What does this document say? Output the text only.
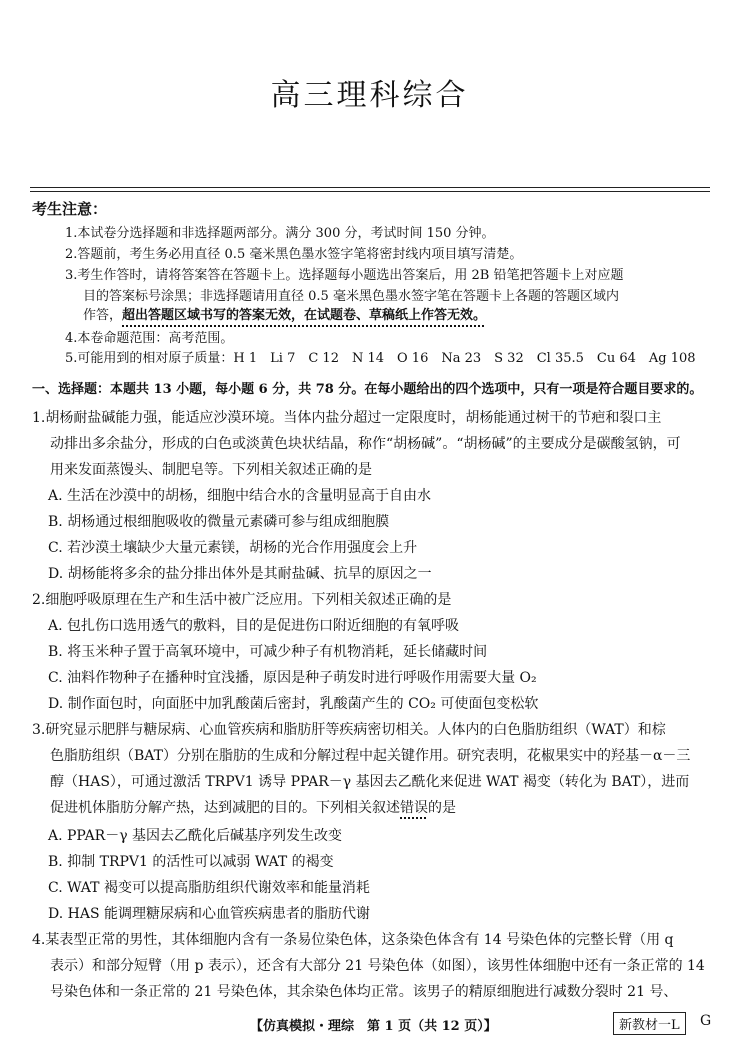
高三理科综合
考生注意：
1.本试卷分选择题和非选择题两部分。满分 300 分，考试时间 150 分钟。
2.答题前，考生务必用直径 0.5 毫米黑色墨水签字笔将密封线内项目填写清楚。
3.考生作答时，请将答案答在答题卡上。选择题每小题选出答案后，用 2B 铅笔把答题卡上对应题
目的答案标号涂黑；非选择题请用直径 0.5 毫米黑色墨水签字笔在答题卡上各题的答题区域内
作答，超出答题区域书写的答案无效，在试题卷、草稿纸上作答无效。
4.本卷命题范围：高考范围。
5.可能用到的相对原子质量：H 1　Li 7　C 12　N 14　O 16　Na 23　S 32　Cl 35.5　Cu 64　Ag 108
一、选择题：本题共 13 小题，每小题 6 分，共 78 分。在每小题给出的四个选项中，只有一项是符合题目要求的。
1.胡杨耐盐碱能力强，能适应沙漠环境。当体内盐分超过一定限度时，胡杨能通过树干的节疤和裂口主
动排出多余盐分，形成的白色或淡黄色块状结晶，称作“胡杨碱”。“胡杨碱”的主要成分是碳酸氢钠，可
用来发面蒸馒头、制肥皂等。下列相关叙述正确的是
A. 生活在沙漠中的胡杨，细胞中结合水的含量明显高于自由水
B. 胡杨通过根细胞吸收的微量元素磷可参与组成细胞膜
C. 若沙漠土壤缺少大量元素镁，胡杨的光合作用强度会上升
D. 胡杨能将多余的盐分排出体外是其耐盐碱、抗旱的原因之一
2.细胞呼吸原理在生产和生活中被广泛应用。下列相关叙述正确的是
A. 包扎伤口选用透气的敷料，目的是促进伤口附近细胞的有氧呼吸
B. 将玉米种子置于高氧环境中，可减少种子有机物消耗，延长储藏时间
C. 油料作物种子在播种时宜浅播，原因是种子萌发时进行呼吸作用需要大量 O₂
D. 制作面包时，向面胚中加乳酸菌后密封，乳酸菌产生的 CO₂ 可使面包变松软
3.研究显示肥胖与糖尿病、心血管疾病和脂肪肝等疾病密切相关。人体内的白色脂肪组织（WAT）和棕
色脂肪组织（BAT）分别在脂肪的生成和分解过程中起关键作用。研究表明，花椒果实中的羟基－α－三
醇（HAS），可通过激活 TRPV1 诱导 PPAR－γ 基因去乙酰化来促进 WAT 褐变（转化为 BAT），进而
促进机体脂肪分解产热，达到减肥的目的。下列相关叙述错误的是
A. PPAR－γ 基因去乙酰化后碱基序列发生改变
B. 抑制 TRPV1 的活性可以减弱 WAT 的褐变
C. WAT 褐变可以提高脂肪组织代谢效率和能量消耗
D. HAS 能调理糖尿病和心血管疾病患者的脂肪代谢
4.某表型正常的男性，其体细胞内含有一条易位染色体，这条染色体含有 14 号染色体的完整长臂（用 q
表示）和部分短臂（用 p 表示），还含有大部分 21 号染色体（如图），该男性体细胞中还有一条正常的 14
号染色体和一条正常的 21 号染色体，其余染色体均正常。该男子的精原细胞进行减数分裂时 21 号、
【仿真模拟・理综　第 1 页（共 12 页）】	新教材一L	G
